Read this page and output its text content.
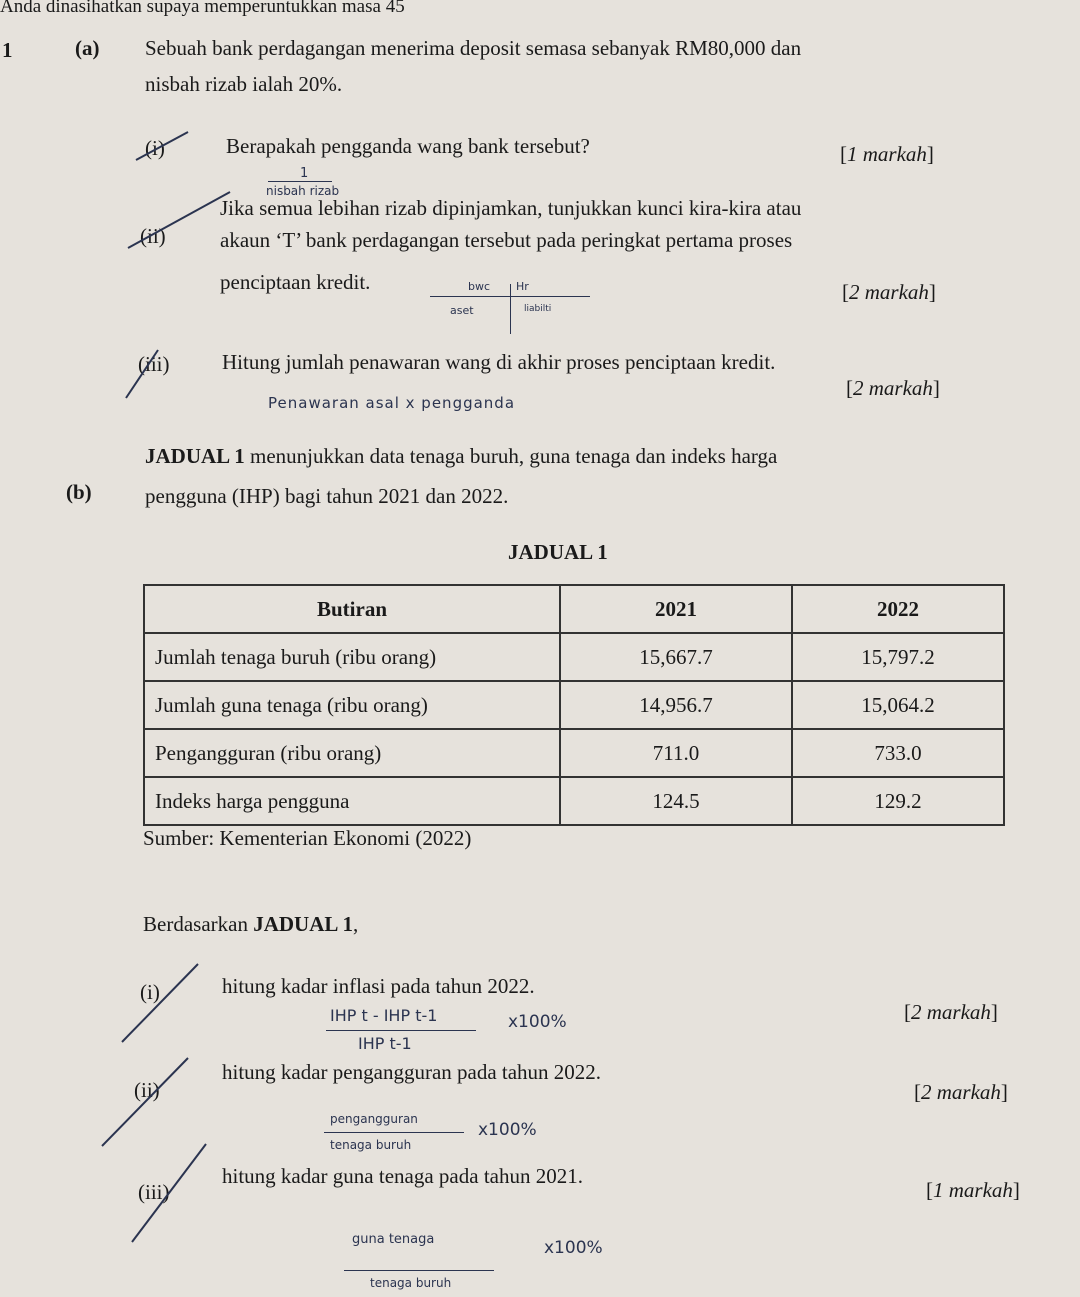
Anda dinasihatkan supaya memperuntukkan masa 45
1	(a) Sebuah bank perdagangan menerima deposit semasa sebanyak RM80,000 dan
nisbah rizab ialah 20%.
(i)	Berapakah pengganda wang bank tersebut?	[1 markah]
1
nisbah rizab
(ii)
Jika semua lebihan rizab dipinjamkan, tunjukkan kunci kira-kira atau
akaun ‘T’ bank perdagangan tersebut pada peringkat pertama proses
penciptaan kredit.	[2 markah]
bwc Hr
aset	liabilti
(iii)	Hitung jumlah penawaran wang di akhir proses penciptaan kredit.
[2 markah]
Penawaran asal x pengganda
(b)
JADUAL 1 menunjukkan data tenaga buruh, guna tenaga dan indeks harga
pengguna (IHP) bagi tahun 2021 dan 2022.
JADUAL 1
Butiran	2021	2022
Jumlah tenaga buruh (ribu orang)	15,667.7	15,797.2
Jumlah guna tenaga (ribu orang)	14,956.7	15,064.2
Pengangguran (ribu orang)	711.0	733.0
Indeks harga pengguna	124.5	129.2
Sumber: Kementerian Ekonomi (2022)
Berdasarkan JADUAL 1,
(i)	hitung kadar inflasi pada tahun 2022.
[2 markah]
IHP t - IHP t-1
IHP t-1
x100%
(ii)
hitung kadar pengangguran pada tahun 2022.
[2 markah]
pengangguran
tenaga buruh
x100%
(iii)
hitung kadar guna tenaga pada tahun 2021.
[1 markah]
guna tenaga
tenaga buruh
x100%
